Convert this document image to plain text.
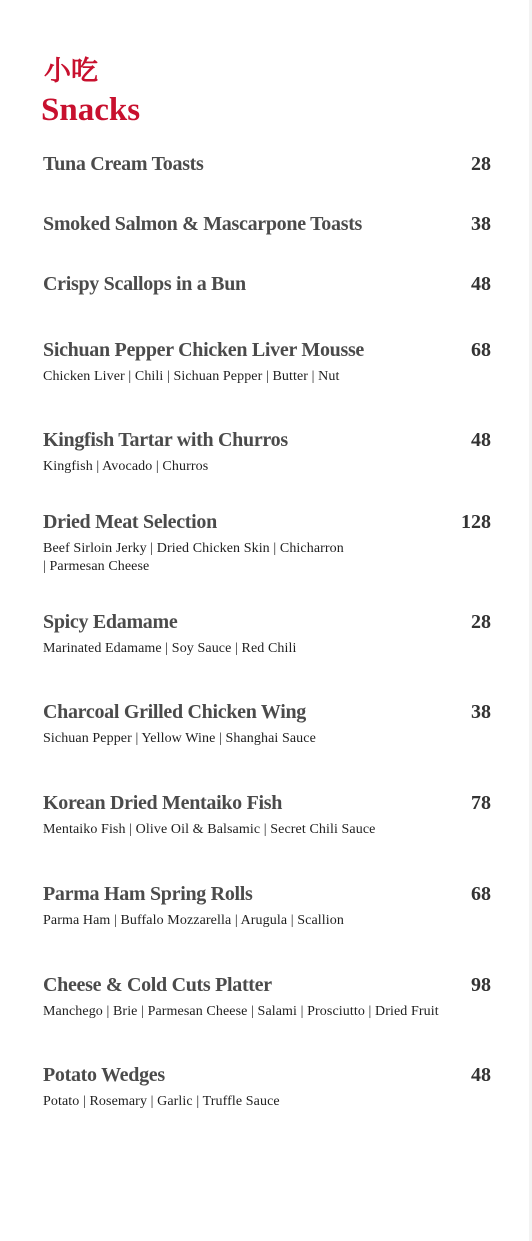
小吃
Snacks
Tuna Cream Toasts	28
Smoked Salmon & Mascarpone Toasts	38
Crispy Scallops in a Bun	48
Sichuan Pepper Chicken Liver Mousse	68
Chicken Liver | Chili | Sichuan Pepper | Butter | Nut
Kingfish Tartar with Churros	48
Kingfish | Avocado | Churros
Dried Meat Selection	128
Beef Sirloin Jerky | Dried Chicken Skin | Chicharron
| Parmesan Cheese
Spicy Edamame	28
Marinated Edamame | Soy Sauce | Red Chili
Charcoal Grilled Chicken Wing	38
Sichuan Pepper | Yellow Wine | Shanghai Sauce
Korean Dried Mentaiko Fish	78
Mentaiko Fish | Olive Oil & Balsamic | Secret Chili Sauce
Parma Ham Spring Rolls	68
Parma Ham | Buffalo Mozzarella | Arugula | Scallion
Cheese & Cold Cuts Platter	98
Manchego | Brie | Parmesan Cheese | Salami | Prosciutto | Dried Fruit
Potato Wedges	48
Potato | Rosemary | Garlic | Truffle Sauce
